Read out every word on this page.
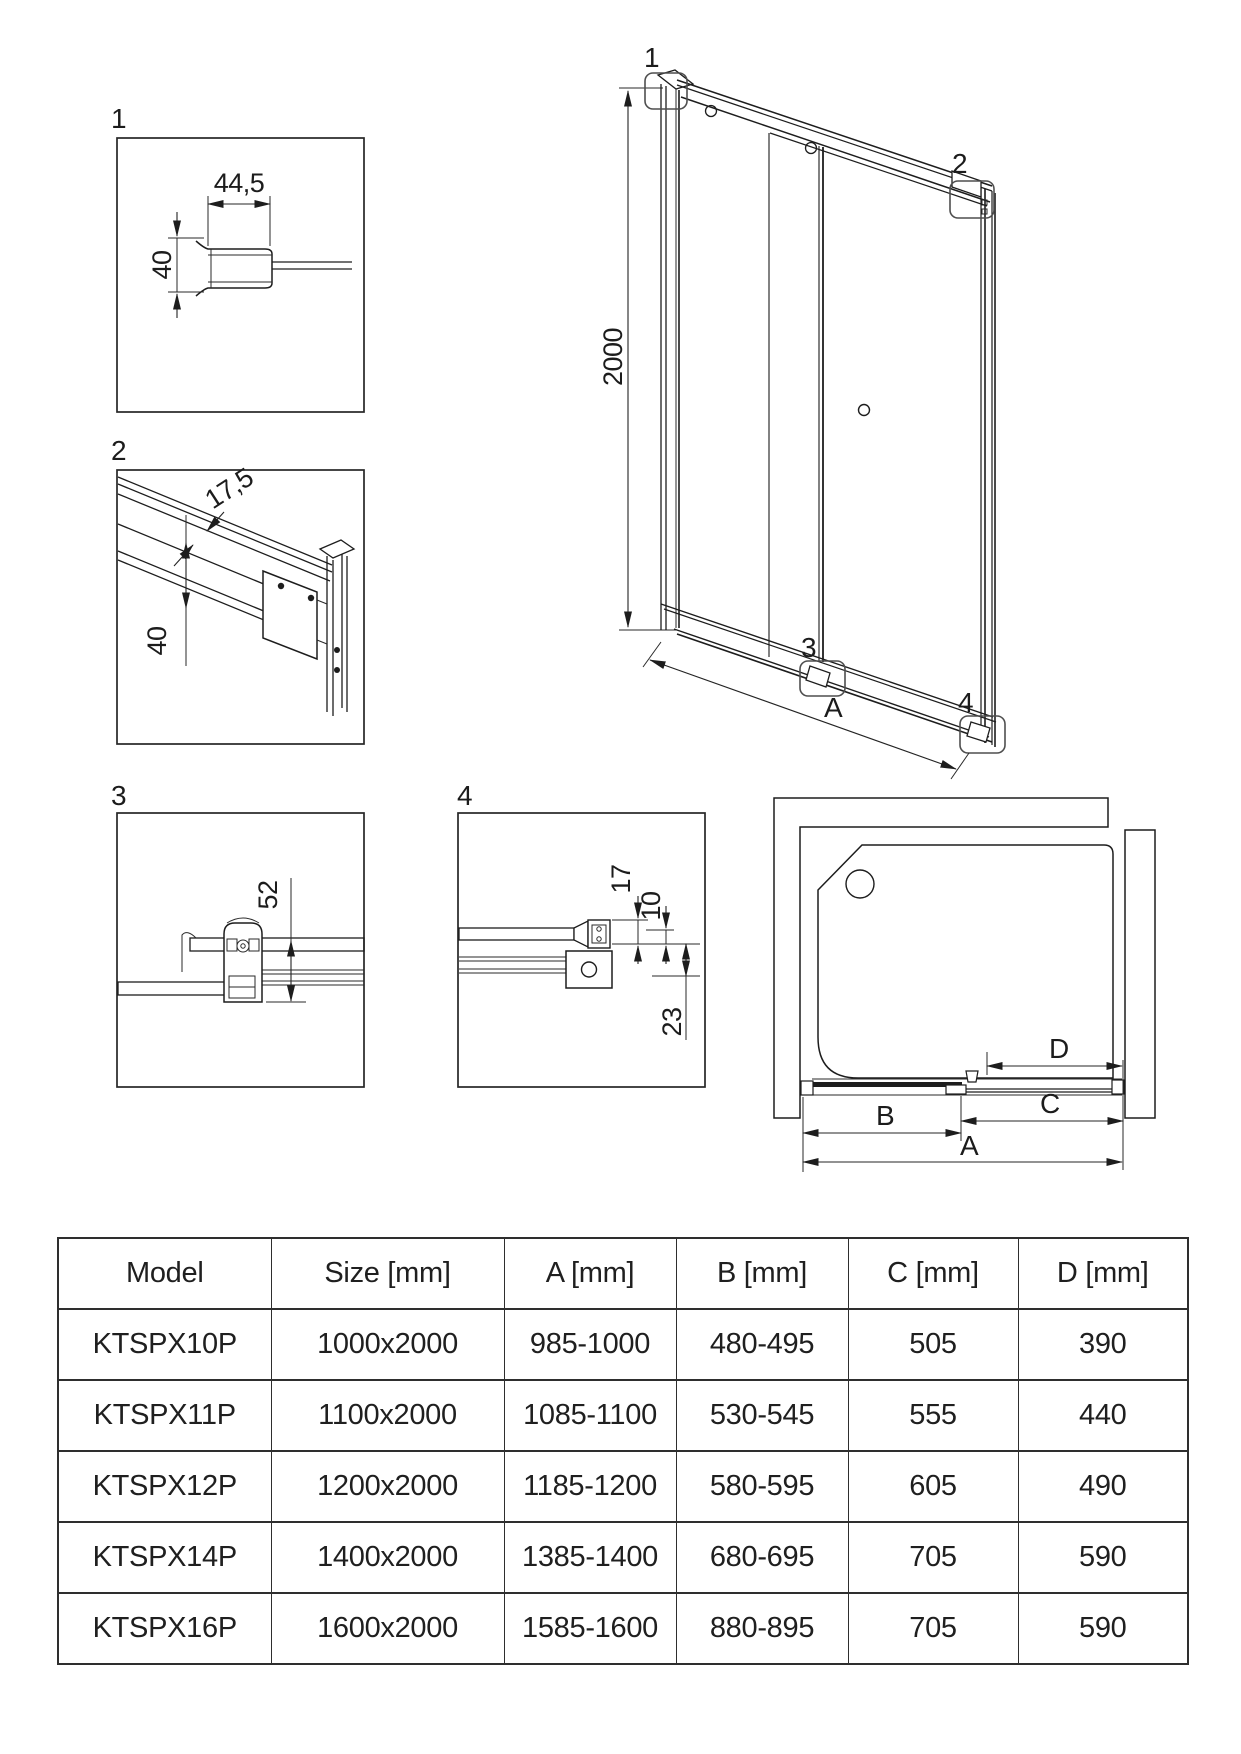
1
44,5
40
2
17,5
40
3
52
4
17
10
23
2000
1
2
3
4
A
D
C
B
A
Model	Size [mm]	A [mm]	B [mm]	C [mm]	D [mm]
KTSPX10P	1000x2000	985-1000	480-495	505	390
KTSPX11P	1100x2000	1085-1100	530-545	555	440
KTSPX12P	1200x2000	1185-1200	580-595	605	490
KTSPX14P	1400x2000	1385-1400	680-695	705	590
KTSPX16P	1600x2000	1585-1600	880-895	705	590
